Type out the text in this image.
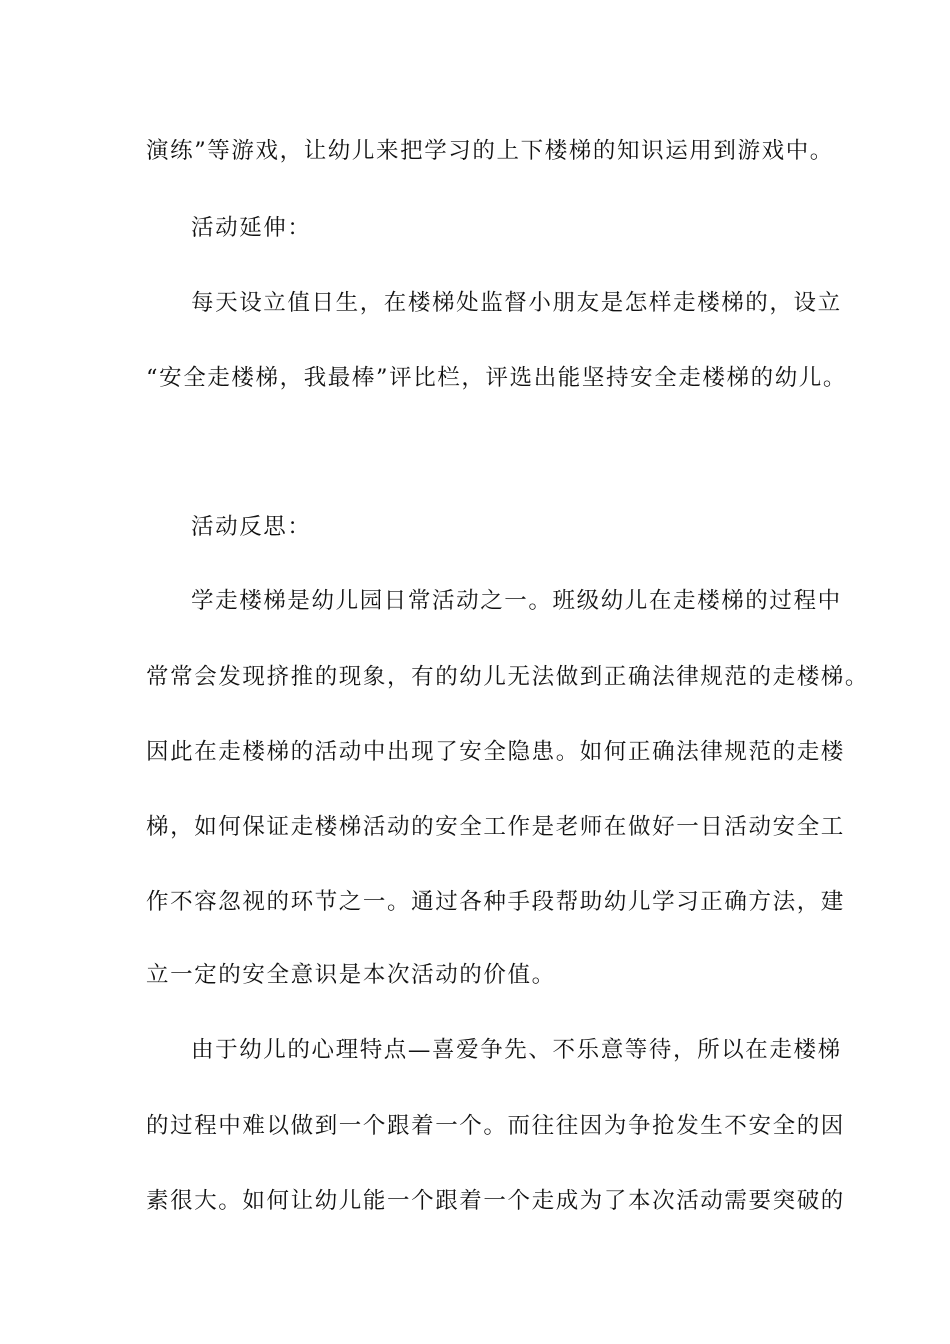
演练”等游戏，让幼儿来把学习的上下楼梯的知识运用到游戏中。
活动延伸：
每天设立值日生，在楼梯处监督小朋友是怎样走楼梯的，设立
“安全走楼梯，我最棒”评比栏，评选出能坚持安全走楼梯的幼儿。
活动反思：
学走楼梯是幼儿园日常活动之一。班级幼儿在走楼梯的过程中
常常会发现挤推的现象，有的幼儿无法做到正确法律规范的走楼梯。
因此在走楼梯的活动中出现了安全隐患。如何正确法律规范的走楼
梯，如何保证走楼梯活动的安全工作是老师在做好一日活动安全工
作不容忽视的环节之一。通过各种手段帮助幼儿学习正确方法，建
立一定的安全意识是本次活动的价值。
由于幼儿的心理特点—喜爱争先、不乐意等待，所以在走楼梯
的过程中难以做到一个跟着一个。而往往因为争抢发生不安全的因
素很大。如何让幼儿能一个跟着一个走成为了本次活动需要突破的
